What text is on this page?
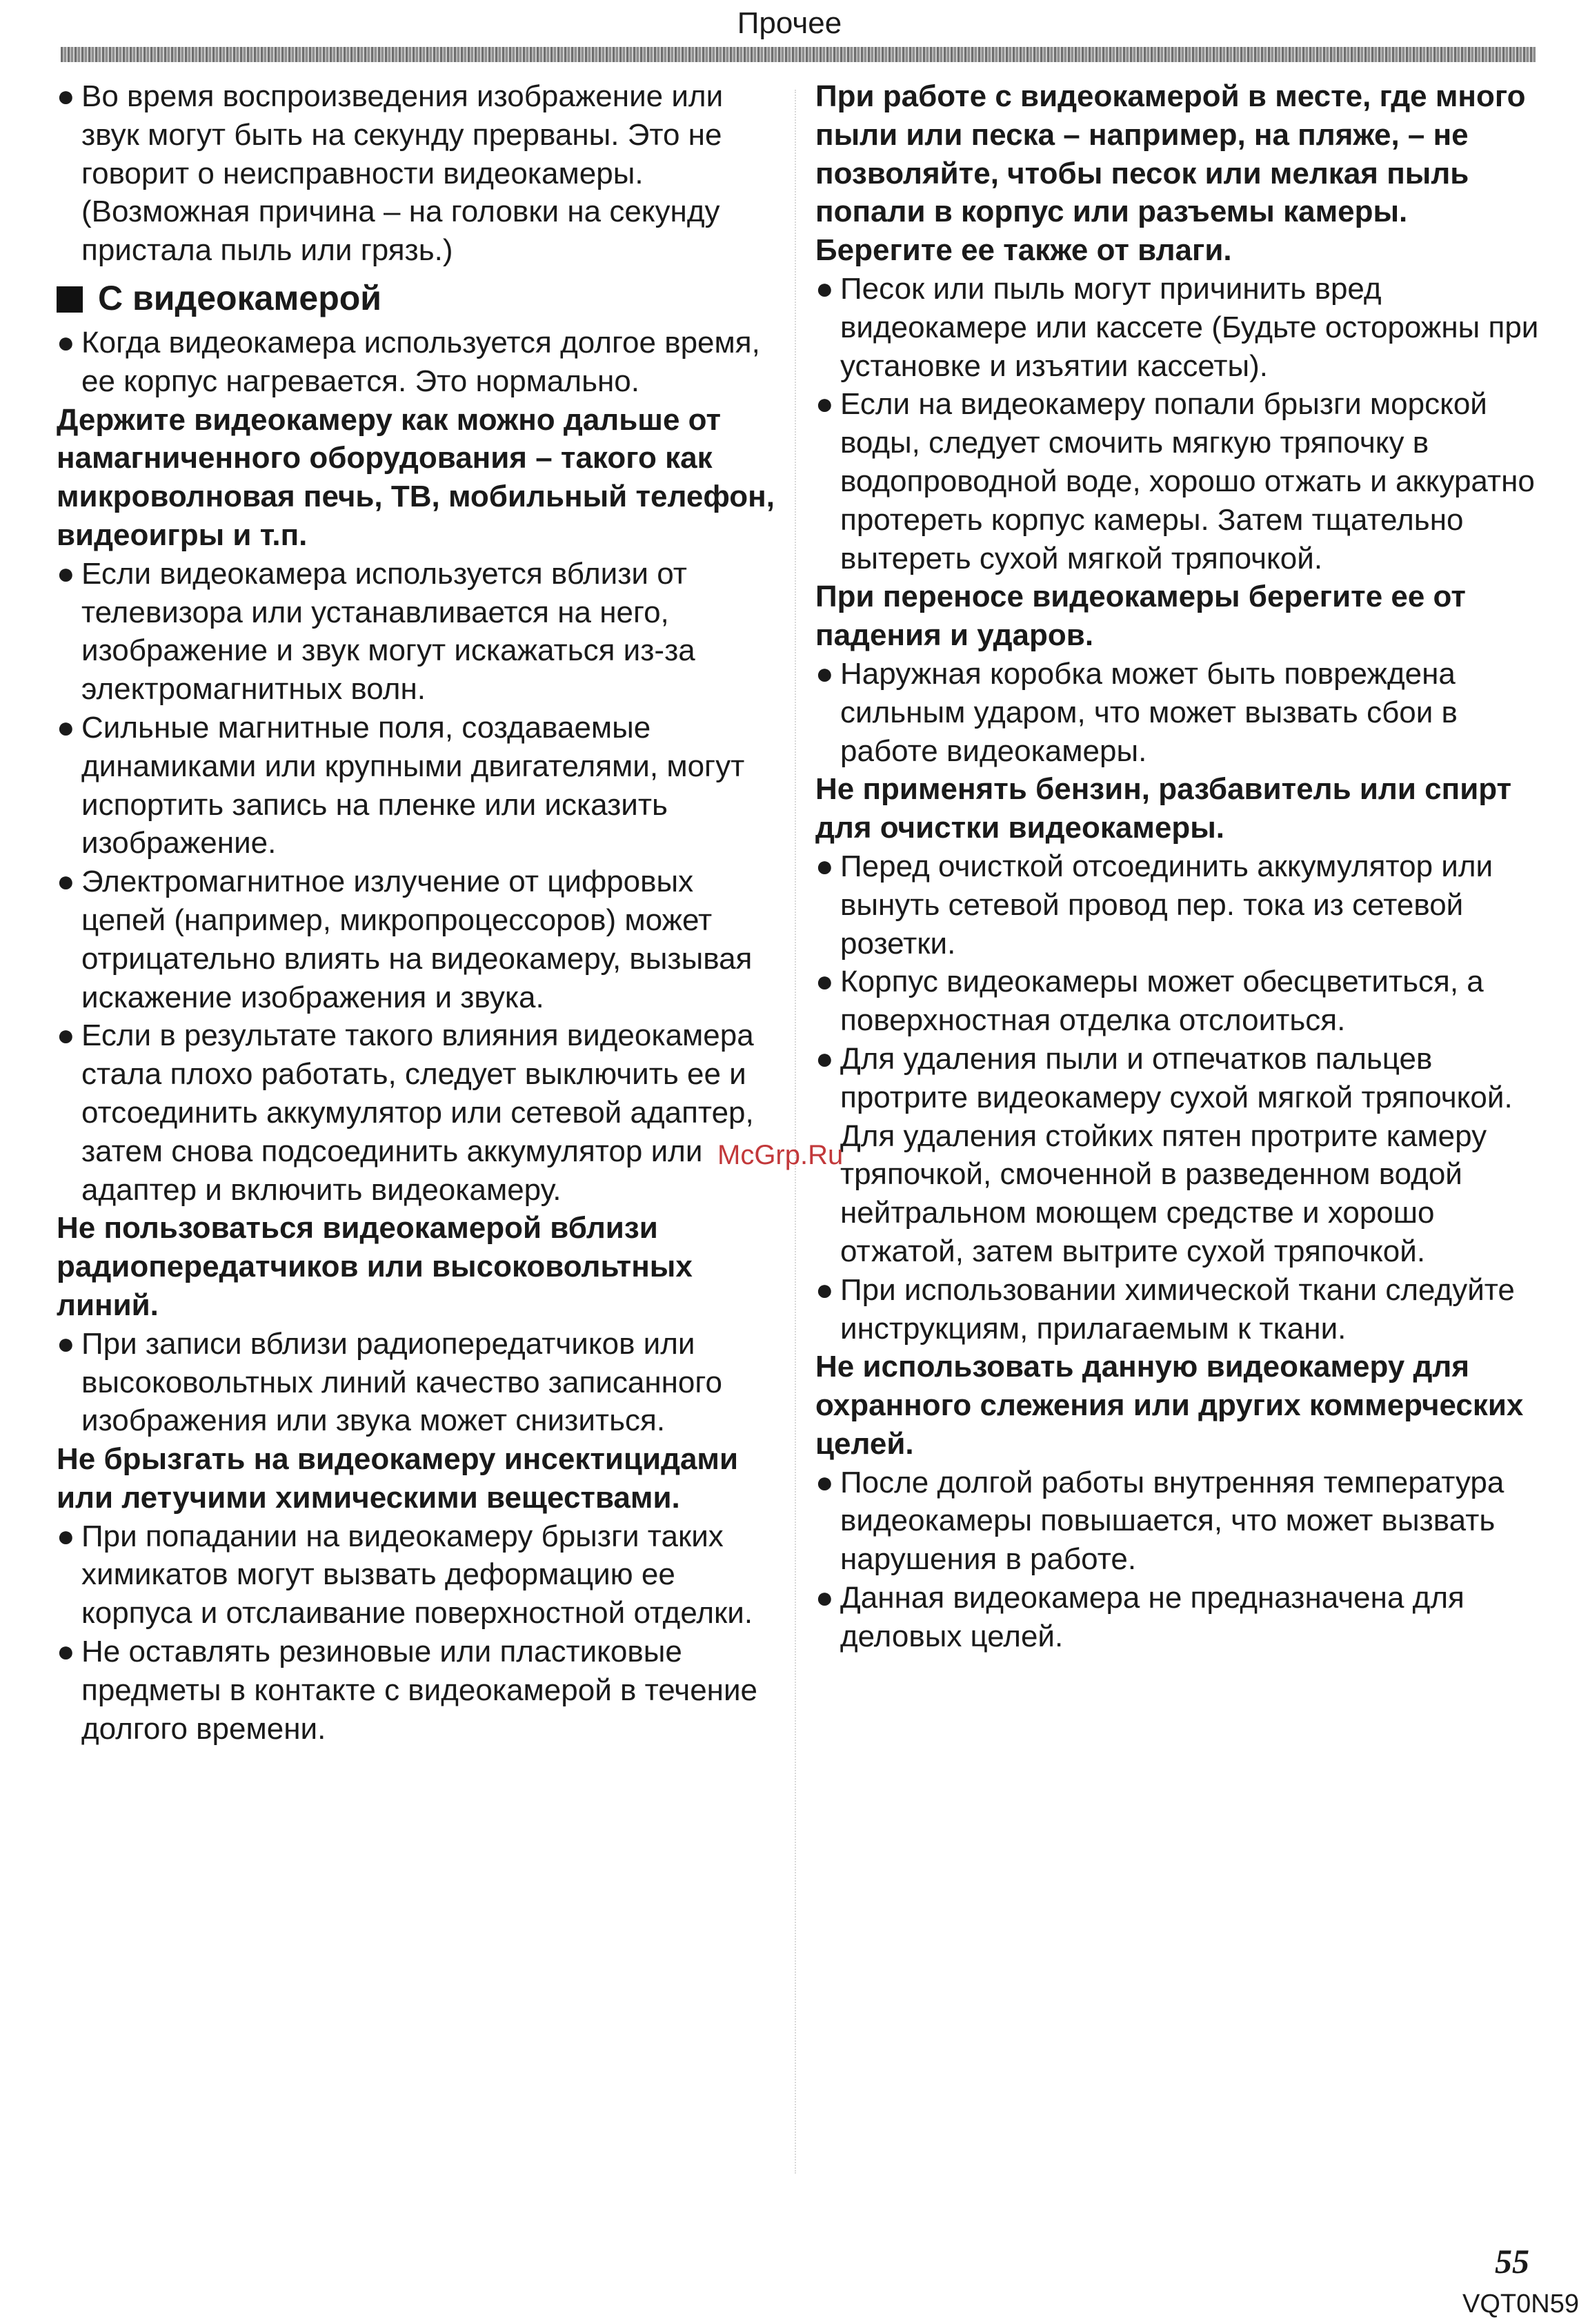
Прочее
● Во время воспроизведения изображение или звук могут быть на секунду прерваны. Это не говорит о неисправности видеокамеры. (Возможная причина – на головки на секунду пристала пыль или грязь.)
С видеокамерой
● Когда видеокамера используется долгое время, ее корпус нагревается. Это нормально.
Держите видеокамеру как можно дальше от намагниченного оборудования – такого как микроволновая печь, ТВ, мобильный телефон, видеоигры и т.п.
● Если видеокамера используется вблизи от телевизора или устанавливается на него, изображение и звук могут искажаться из-за электромагнитных волн.
● Сильные магнитные поля, создаваемые динамиками или крупными двигателями, могут испортить запись на пленке или исказить изображение.
● Электромагнитное излучение от цифровых цепей (например, микропроцессоров) может отрицательно влиять на видеокамеру, вызывая искажение изображения и звука.
● Если в результате такого влияния видеокамера стала плохо работать, следует выключить ее и отсоединить аккумулятор или сетевой адаптер, затем снова подсоединить аккумулятор или адаптер и включить видеокамеру.
Не пользоваться видеокамерой вблизи радиопередатчиков или высоковольтных линий.
● При записи вблизи радиопередатчиков или высоковольтных линий качество записанного изображения или звука может снизиться.
Не брызгать на видеокамеру инсектицидами или летучими химическими веществами.
● При попадании на видеокамеру брызги таких химикатов могут вызвать деформацию ее корпуса и отслаивание поверхностной отделки.
● Не оставлять резиновые или пластиковые предметы в контакте с видеокамерой в течение долгого времени.
При работе с видеокамерой в месте, где много пыли или песка – например, на пляже, – не позволяйте, чтобы песок или мелкая пыль попали в корпус или разъемы камеры. Берегите ее также от влаги.
● Песок или пыль могут причинить вред видеокамере или кассете (Будьте осторожны при установке и изъятии кассеты).
● Если на видеокамеру попали брызги морской воды, следует смочить мягкую тряпочку в водопроводной воде, хорошо отжать и аккуратно протереть корпус камеры. Затем тщательно вытереть сухой мягкой тряпочкой.
При переносе видеокамеры берегите ее от падения и ударов.
● Наружная коробка может быть повреждена сильным ударом, что может вызвать сбои в работе видеокамеры.
Не применять бензин, разбавитель или спирт для очистки видеокамеры.
● Перед очисткой отсоединить аккумулятор или вынуть сетевой провод пер. тока из сетевой розетки.
● Корпус видеокамеры может обесцветиться, а поверхностная отделка отслоиться.
● Для удаления пыли и отпечатков пальцев протрите видеокамеру сухой мягкой тряпочкой. Для удаления стойких пятен протрите камеру тряпочкой, смоченной в разведенном водой нейтральном моющем средстве и хорошо отжатой, затем вытрите сухой тряпочкой.
● При использовании химической ткани следуйте инструкциям, прилагаемым к ткани.
Не использовать данную видеокамеру для охранного слежения или других коммерческих целей.
● После долгой работы внутренняя температура видеокамеры повышается, что может вызвать нарушения в работе.
● Данная видеокамера не предназначена для деловых целей.
McGrp.Ru
55
VQT0N59
